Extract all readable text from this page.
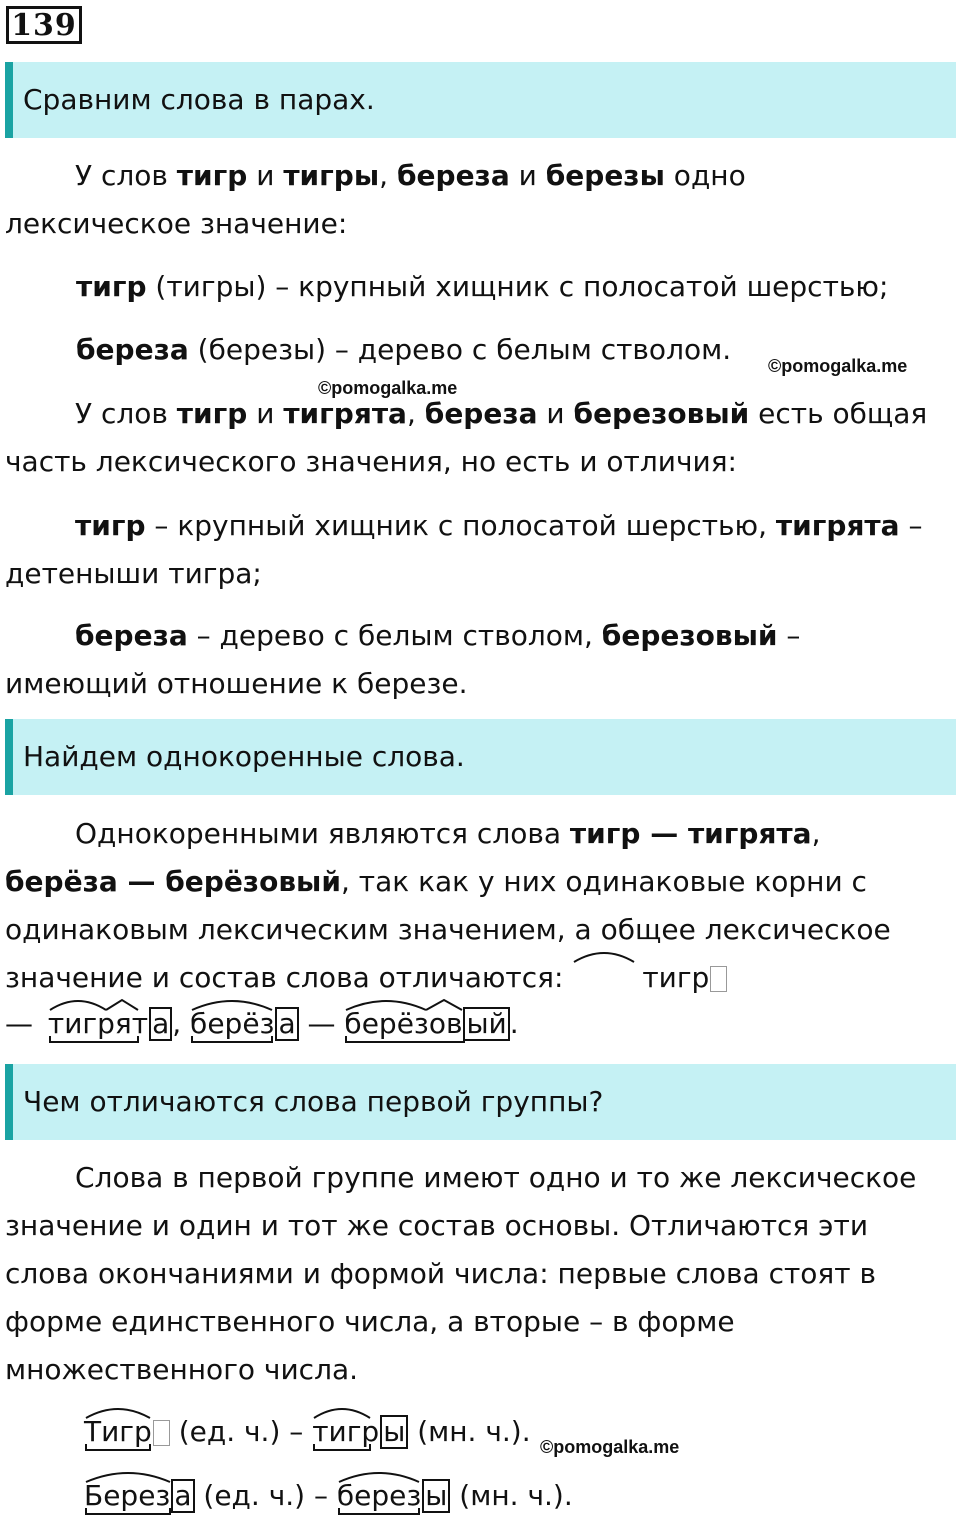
139
Сравним слова в парах.

У слов тигр и тигры, береза и березы одно лексическое значение:

тигр (тигры) – крупный хищник с полосатой шерстью;
береза (березы) – дерево с белым стволом. ©pomogalka.me
©pomogalka.me

У слов тигр и тигрята, береза и березовый есть общая часть лексического значения, но есть и отличия:

тигр – крупный хищник с полосатой шерстью, тигрята – детеныши тигра;

береза – дерево с белым стволом, березовый – имеющий отношение к березе.

Найдем однокоренные слова.

Однокоренными являются слова тигр — тигрята,
берёза — берёзовый, так как у них одинаковые корни с одинаковым лексическим значением, а общее лексическое значение и состав слова отличаются:	тигр

— тигрят а , берёз а — берёзов ый .
Чем отличаются слова первой группы?

Слова в первой группе имеют одно и то же лексическое значение и один и тот же состав основы. Отличаются эти слова окончаниями и формой числа: первые слова стоят в форме единственного числа, а вторые – в форме множественного числа.

Тигр
(ед. ч.) – тигр ы
(мн. ч.). ©pomogalka.me
Берез а
(ед. ч.) – берез ы
(мн. ч.).
